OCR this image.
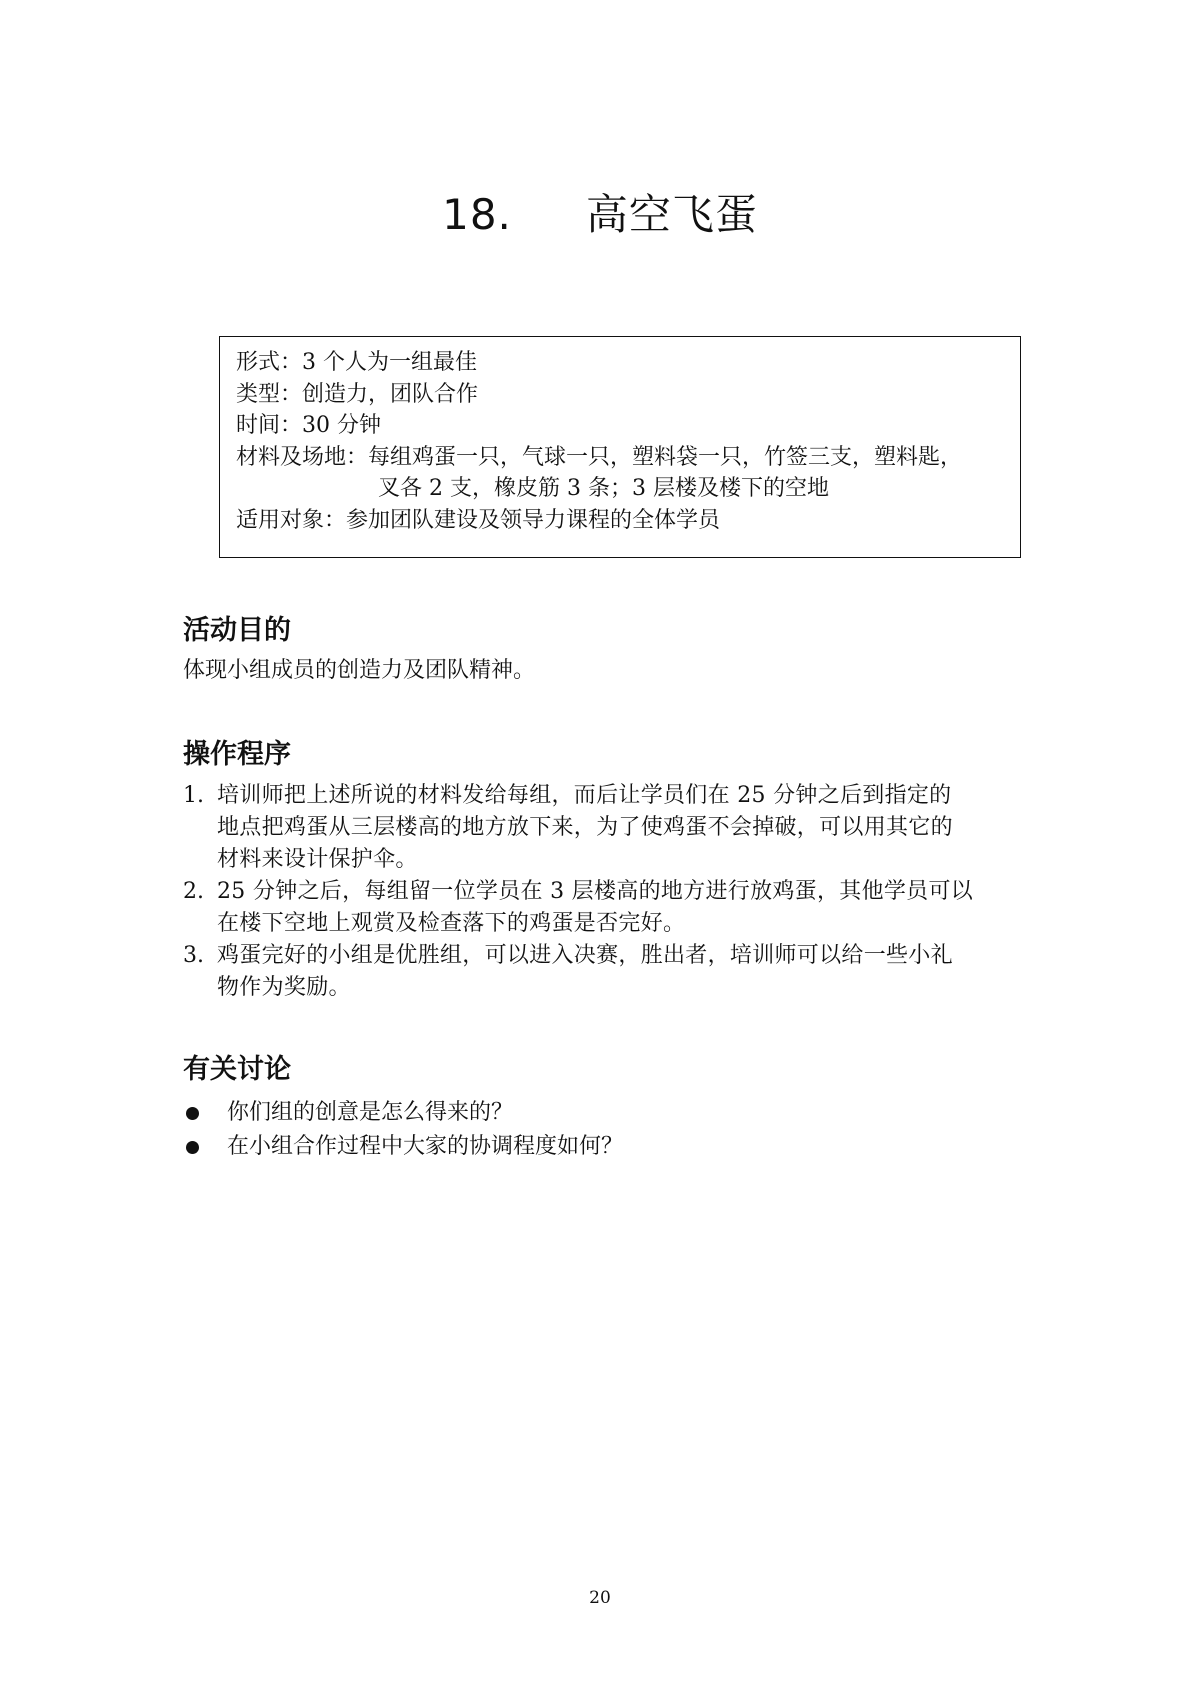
18. 高空飞蛋
形式：3 个人为一组最佳
类型：创造力，团队合作
时间：30 分钟
材料及场地：每组鸡蛋一只，气球一只，塑料袋一只，竹签三支，塑料匙，
叉各 2 支，橡皮筋 3 条；3 层楼及楼下的空地
适用对象：参加团队建设及领导力课程的全体学员
活动目的
体现小组成员的创造力及团队精神。
操作程序
1. 培训师把上述所说的材料发给每组，而后让学员们在 25 分钟之后到指定的
地点把鸡蛋从三层楼高的地方放下来，为了使鸡蛋不会掉破，可以用其它的
材料来设计保护伞。
2. 25 分钟之后，每组留一位学员在 3 层楼高的地方进行放鸡蛋，其他学员可以
在楼下空地上观赏及检查落下的鸡蛋是否完好。
3. 鸡蛋完好的小组是优胜组，可以进入决赛，胜出者，培训师可以给一些小礼
物作为奖励。
有关讨论
你们组的创意是怎么得来的？
在小组合作过程中大家的协调程度如何？
20
